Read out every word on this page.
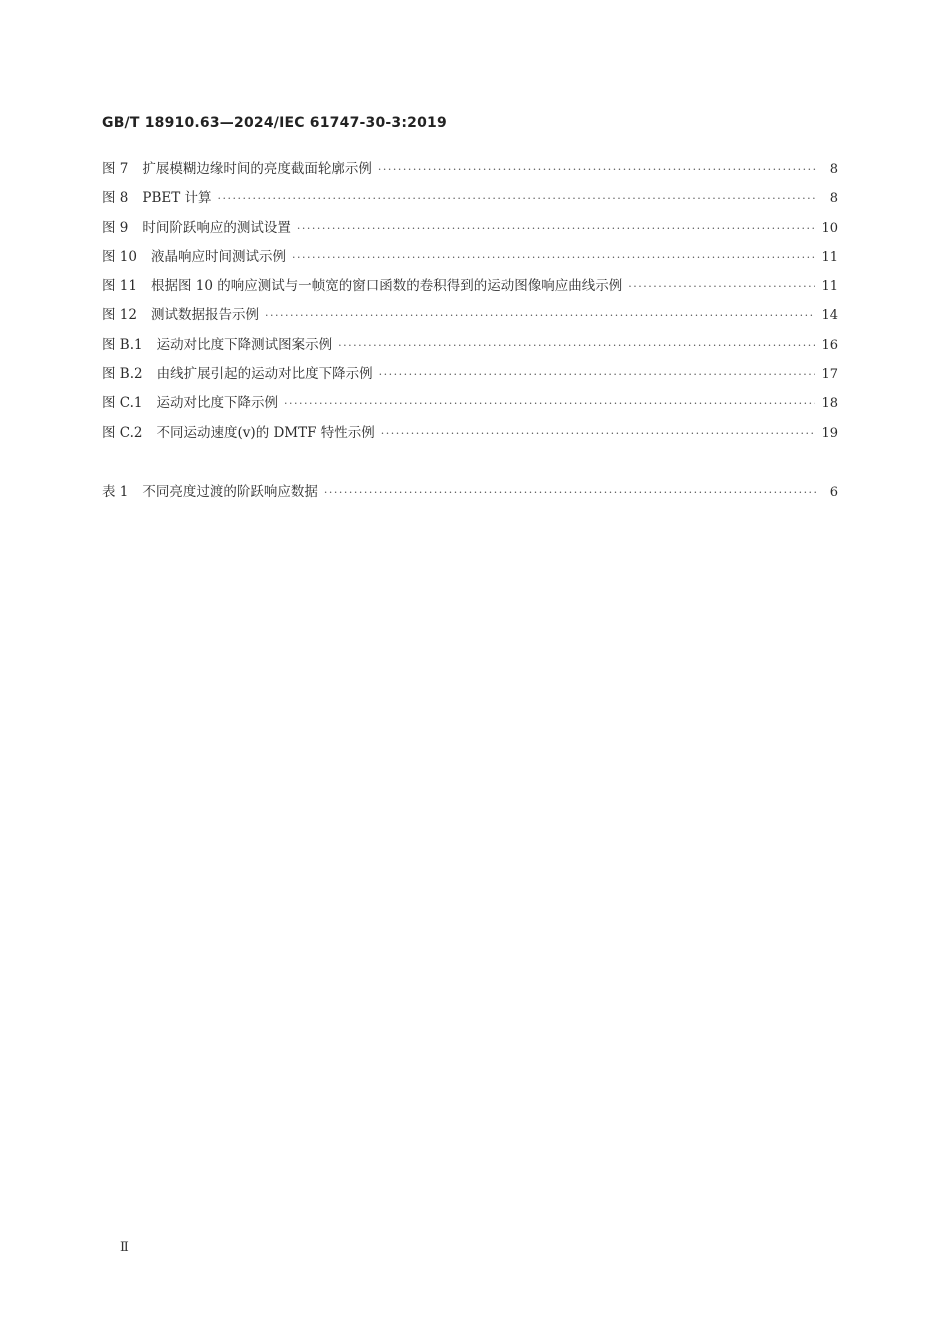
GB/T 18910.63—2024/IEC 61747-30-3:2019
图 7 扩展模糊边缘时间的亮度截面轮廓示例 ·····	8
图 8 PBET 计算 ·····	8
图 9 时间阶跃响应的测试设置 ·····	10
图 10 液晶响应时间测试示例 ·····	11
图 11 根据图 10 的响应测试与一帧宽的窗口函数的卷积得到的运动图像响应曲线示例 ·····	11
图 12 测试数据报告示例 ·····	14
图 B.1 运动对比度下降测试图案示例 ·····	16
图 B.2 由线扩展引起的运动对比度下降示例 ·····	17
图 C.1 运动对比度下降示例 ·····	18
图 C.2 不同运动速度(v)的 DMTF 特性示例 ·····	19
表 1 不同亮度过渡的阶跃响应数据 ·····	6
Ⅱ
